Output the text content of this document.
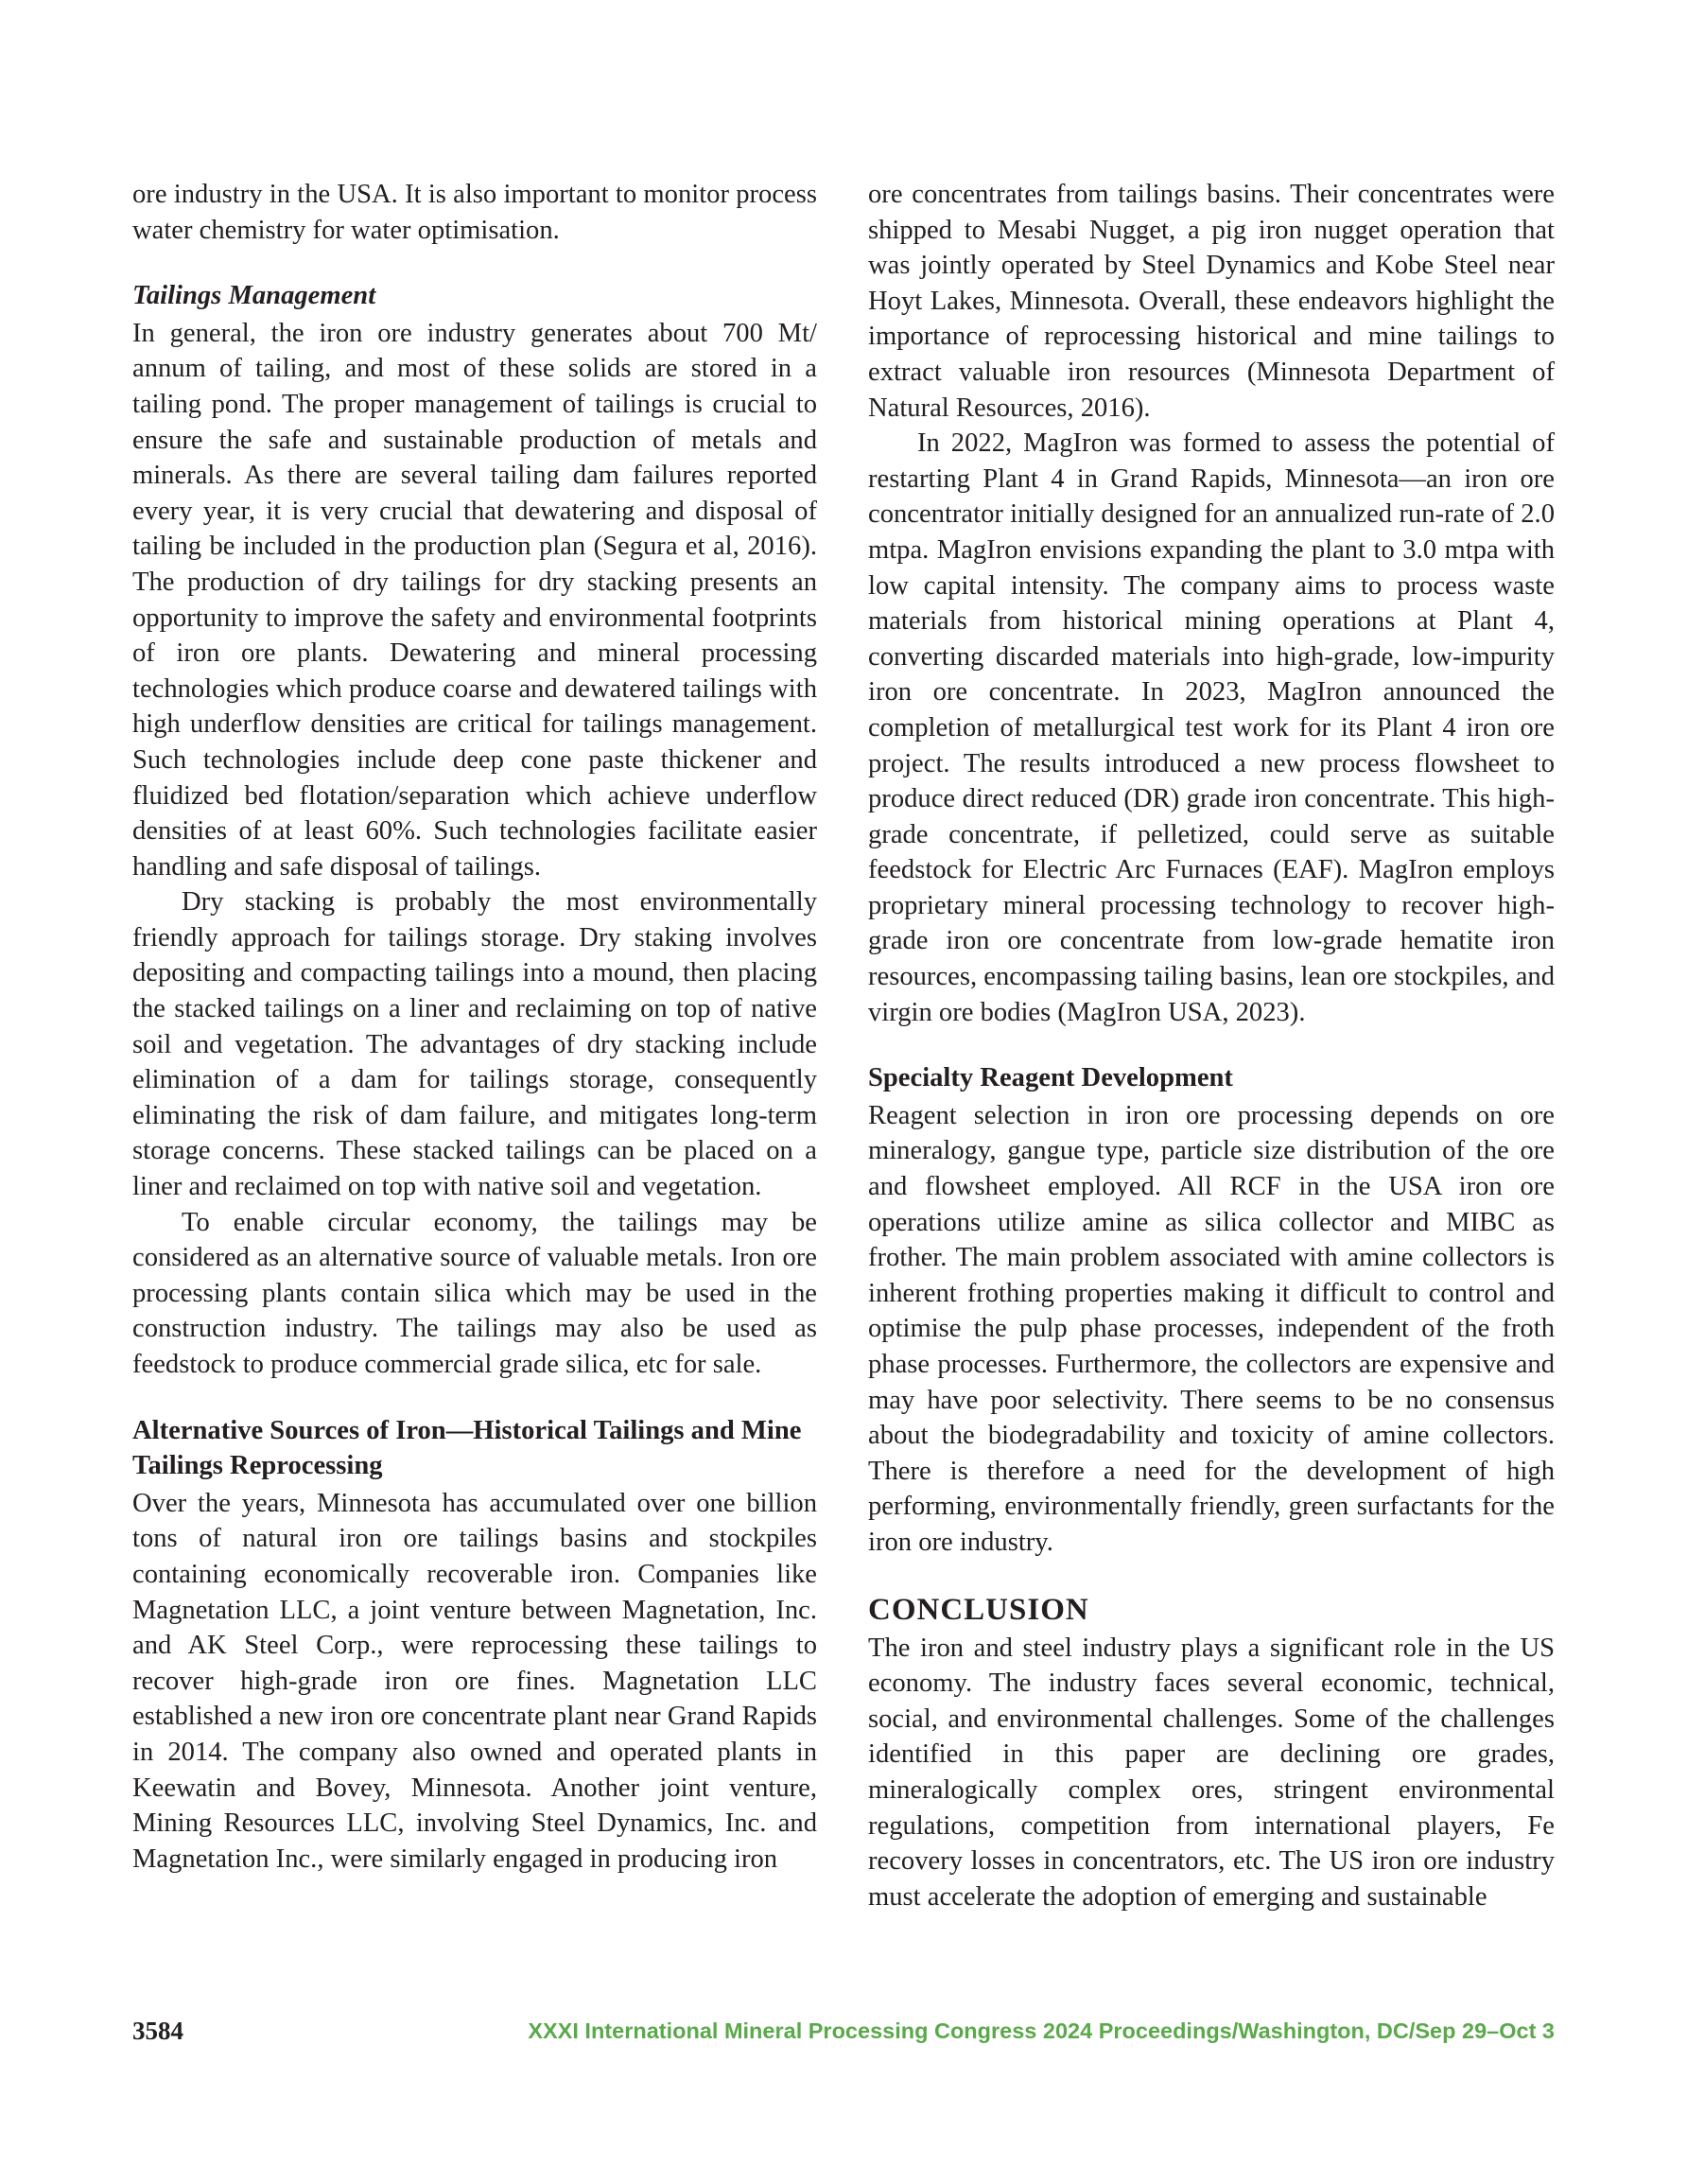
ore industry in the USA. It is also important to monitor process water chemistry for water optimisation.

Tailings Management

In general, the iron ore industry generates about 700 Mt/ annum of tailing, and most of these solids are stored in a tailing pond. The proper management of tailings is crucial to ensure the safe and sustainable production of metals and minerals. As there are several tailing dam failures reported every year, it is very crucial that dewatering and disposal of tailing be included in the production plan (Segura et al, 2016). The production of dry tailings for dry stacking presents an opportunity to improve the safety and environmental footprints of iron ore plants. Dewatering and mineral processing technologies which produce coarse and dewatered tailings with high underflow densities are critical for tailings management. Such technologies include deep cone paste thickener and fluidized bed flotation/separation which achieve underflow densities of at least 60%. Such technologies facilitate easier handling and safe disposal of tailings.

Dry stacking is probably the most environmentally friendly approach for tailings storage. Dry staking involves depositing and compacting tailings into a mound, then placing the stacked tailings on a liner and reclaiming on top of native soil and vegetation. The advantages of dry stacking include elimination of a dam for tailings storage, consequently eliminating the risk of dam failure, and mitigates long-term storage concerns. These stacked tailings can be placed on a liner and reclaimed on top with native soil and vegetation.

To enable circular economy, the tailings may be considered as an alternative source of valuable metals. Iron ore processing plants contain silica which may be used in the construction industry. The tailings may also be used as feedstock to produce commercial grade silica, etc for sale.

Alternative Sources of Iron—Historical Tailings and Mine Tailings Reprocessing

Over the years, Minnesota has accumulated over one billion tons of natural iron ore tailings basins and stockpiles containing economically recoverable iron. Companies like Magnetation LLC, a joint venture between Magnetation, Inc. and AK Steel Corp., were reprocessing these tailings to recover high-grade iron ore fines. Magnetation LLC established a new iron ore concentrate plant near Grand Rapids in 2014. The company also owned and operated plants in Keewatin and Bovey, Minnesota. Another joint venture, Mining Resources LLC, involving Steel Dynamics, Inc. and Magnetation Inc., were similarly engaged in producing iron

ore concentrates from tailings basins. Their concentrates were shipped to Mesabi Nugget, a pig iron nugget operation that was jointly operated by Steel Dynamics and Kobe Steel near Hoyt Lakes, Minnesota. Overall, these endeavors highlight the importance of reprocessing historical and mine tailings to extract valuable iron resources (Minnesota Department of Natural Resources, 2016).

In 2022, MagIron was formed to assess the potential of restarting Plant 4 in Grand Rapids, Minnesota—an iron ore concentrator initially designed for an annualized run-rate of 2.0 mtpa. MagIron envisions expanding the plant to 3.0 mtpa with low capital intensity. The company aims to process waste materials from historical mining operations at Plant 4, converting discarded materials into high-grade, low-impurity iron ore concentrate. In 2023, MagIron announced the completion of metallurgical test work for its Plant 4 iron ore project. The results introduced a new process flowsheet to produce direct reduced (DR) grade iron concentrate. This high-grade concentrate, if pelletized, could serve as suitable feedstock for Electric Arc Furnaces (EAF). MagIron employs proprietary mineral processing technology to recover high-grade iron ore concentrate from low-grade hematite iron resources, encompassing tailing basins, lean ore stockpiles, and virgin ore bodies (MagIron USA, 2023).

Specialty Reagent Development

Reagent selection in iron ore processing depends on ore mineralogy, gangue type, particle size distribution of the ore and flowsheet employed. All RCF in the USA iron ore operations utilize amine as silica collector and MIBC as frother. The main problem associated with amine collectors is inherent frothing properties making it difficult to control and optimise the pulp phase processes, independent of the froth phase processes. Furthermore, the collectors are expensive and may have poor selectivity. There seems to be no consensus about the biodegradability and toxicity of amine collectors. There is therefore a need for the development of high performing, environmentally friendly, green surfactants for the iron ore industry.

CONCLUSION

The iron and steel industry plays a significant role in the US economy. The industry faces several economic, technical, social, and environmental challenges. Some of the challenges identified in this paper are declining ore grades, mineralogically complex ores, stringent environmental regulations, competition from international players, Fe recovery losses in concentrators, etc. The US iron ore industry must accelerate the adoption of emerging and sustainable

3584	XXXI International Mineral Processing Congress 2024 Proceedings/Washington, DC/Sep 29–Oct 3
